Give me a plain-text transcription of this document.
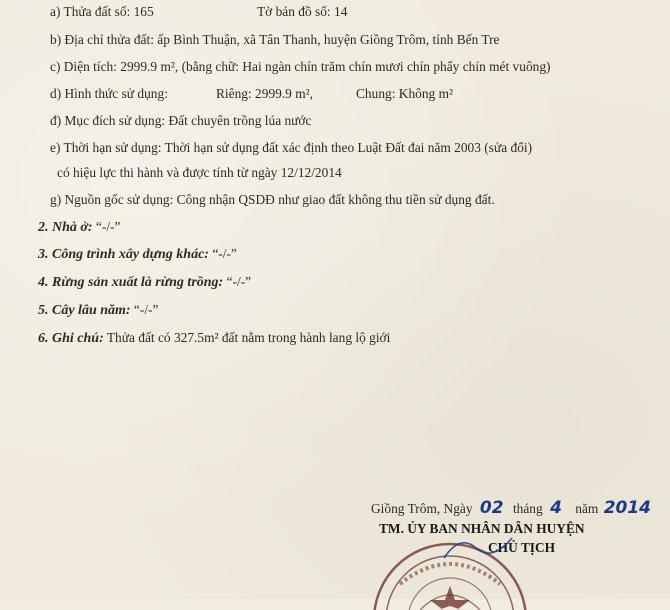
a) Thửa đất số: 165	Tờ bản đồ số: 14
b) Địa chỉ thửa đất: ấp Bình Thuận, xã Tân Thanh, huyện Giồng Trôm, tỉnh Bến Tre
c) Diện tích: 2999.9 m², (bằng chữ: Hai ngàn chín trăm chín mươi chín phẩy chín mét vuông)
d) Hình thức sử dụng:	Riêng: 2999.9 m²,	Chung: Không m²
đ) Mục đích sử dụng: Đất chuyên trồng lúa nước
e) Thời hạn sử dụng: Thời hạn sử dụng đất xác định theo Luật Đất đai năm 2003 (sửa đổi)
có hiệu lực thi hành và được tính từ ngày 12/12/2014
g) Nguồn gốc sử dụng: Công nhận QSDĐ như giao đất không thu tiền sử dụng đất.
2. Nhà ở: “-/-”
3. Công trình xây dựng khác: “-/-”
4. Rừng sản xuất là rừng trồng: “-/-”
5. Cây lâu năm: “-/-”
6. Ghi chú: Thửa đất có 327.5m² đất nằm trong hành lang lộ giới
Giồng Trôm, Ngày 02 tháng 4 năm 2014
TM. ỦY BAN NHÂN DÂN HUYỆN
CHỦ TỊCH
